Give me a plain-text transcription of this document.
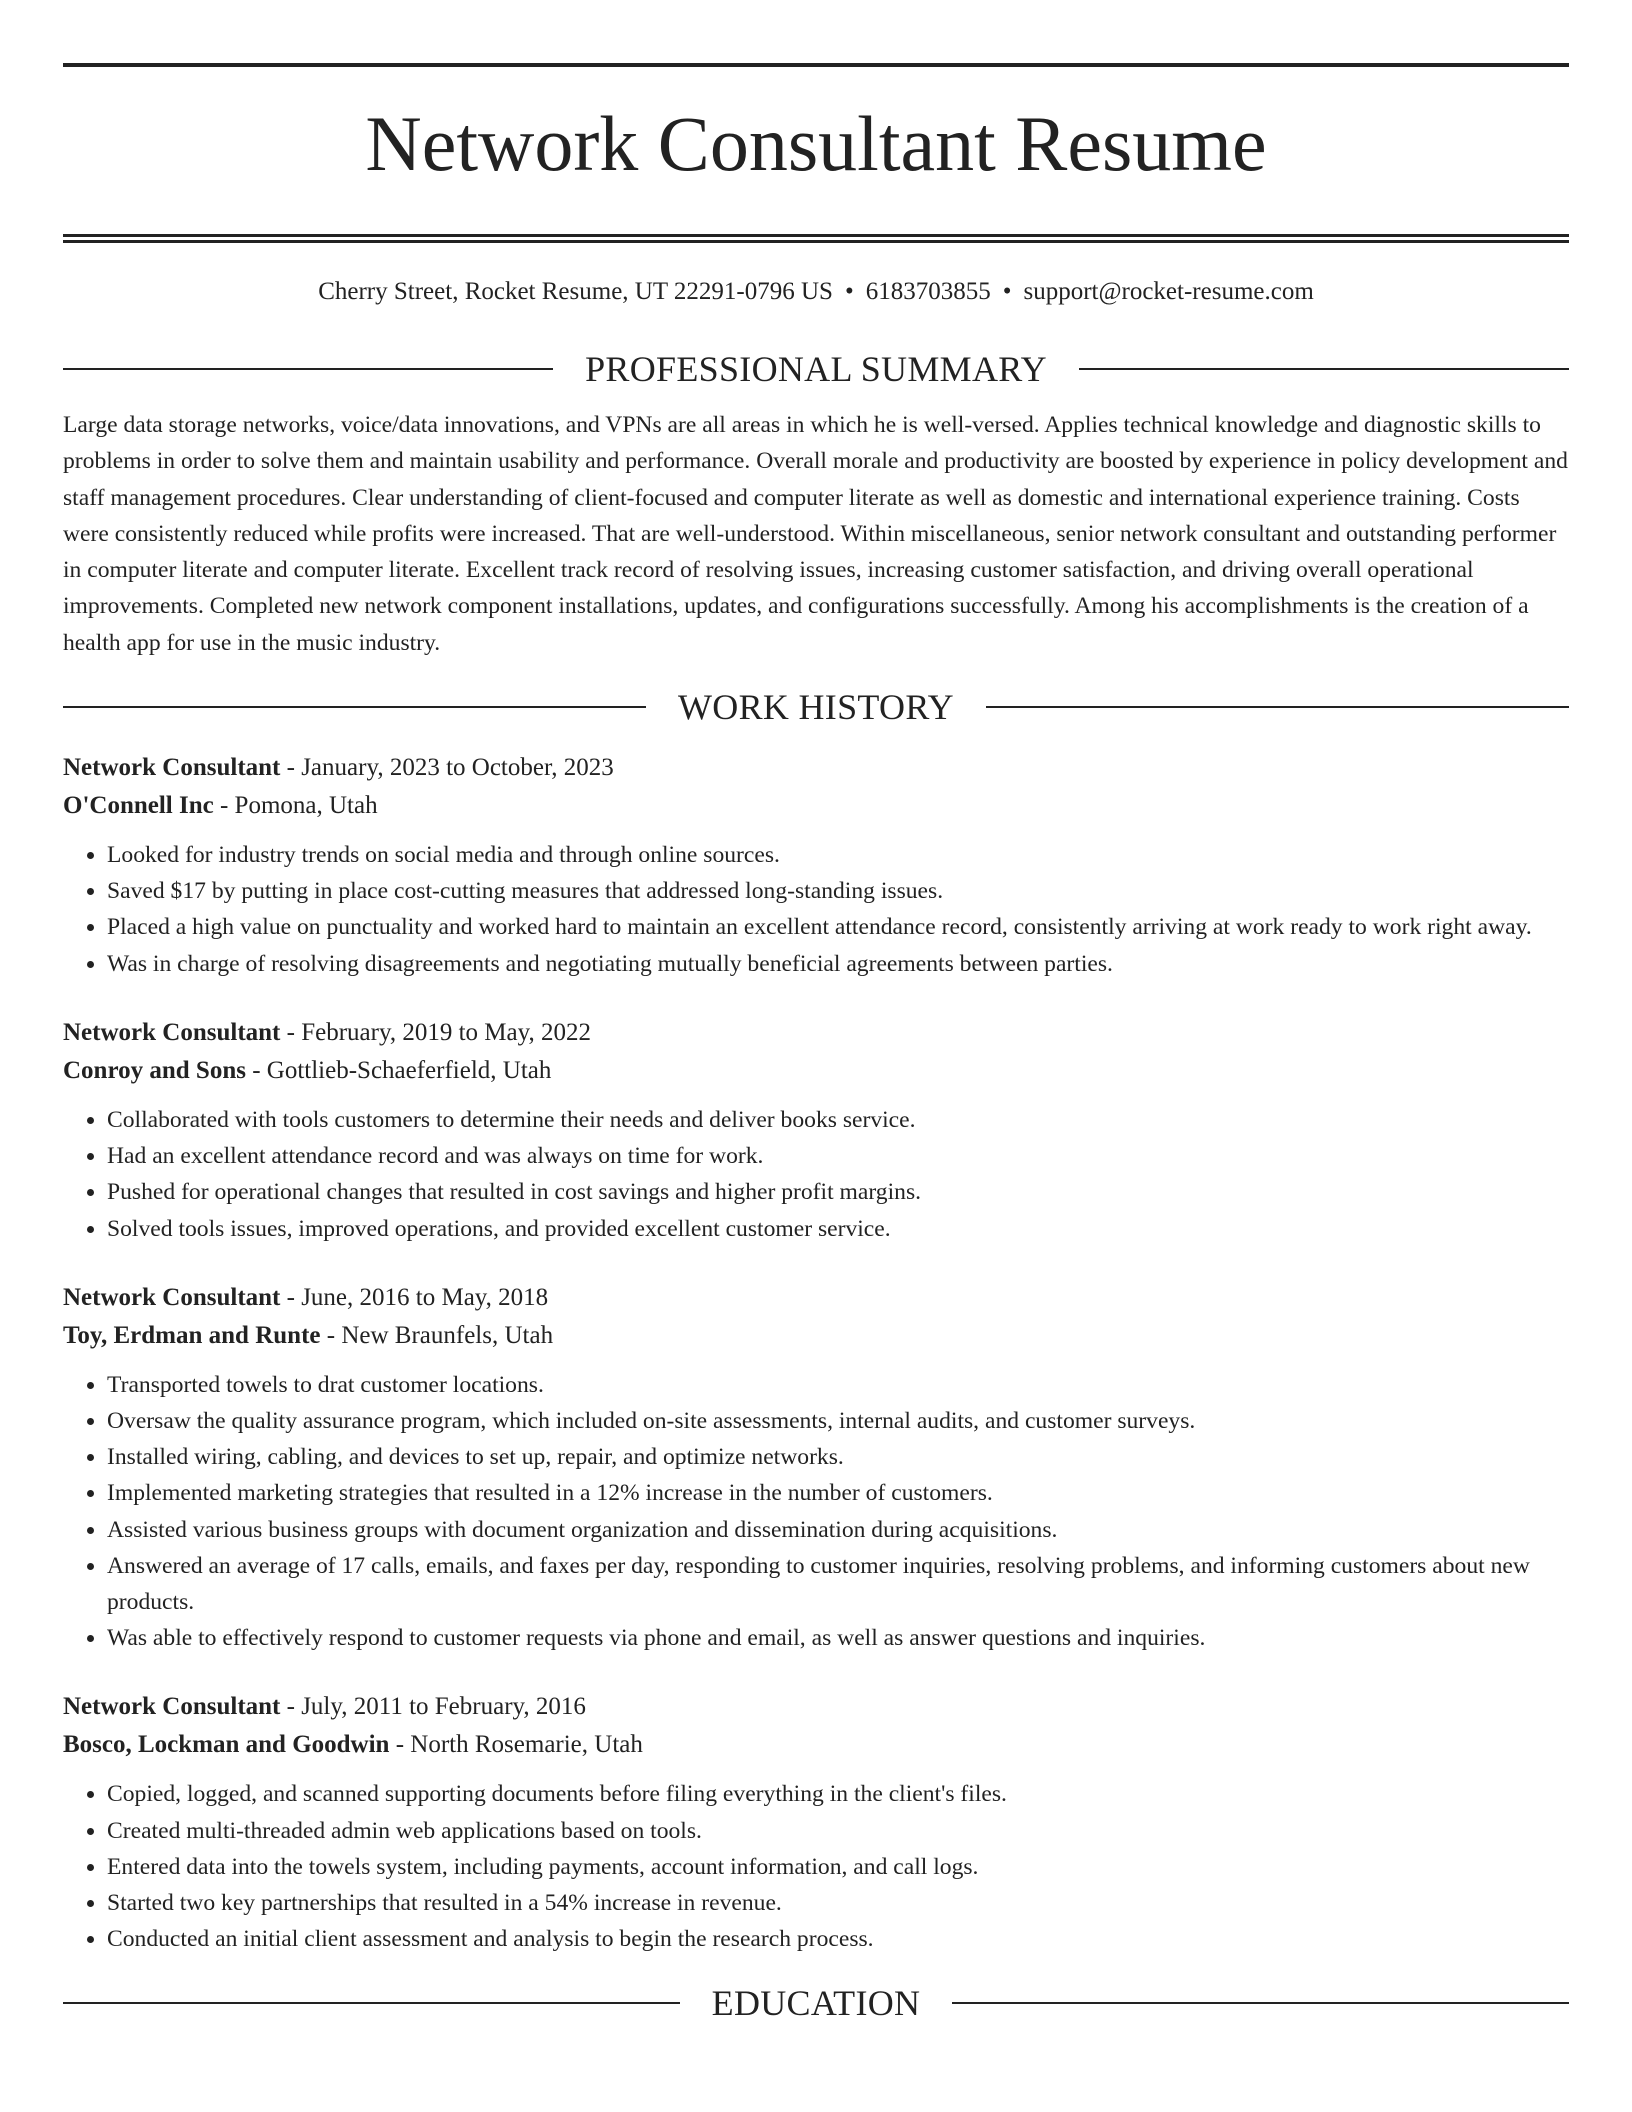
Network Consultant Resume
Cherry Street, Rocket Resume, UT 22291-0796 US • 6183703855 • support@rocket-resume.com
PROFESSIONAL SUMMARY

Large data storage networks, voice/data innovations, and VPNs are all areas in which he is well-versed. Applies technical knowledge and diagnostic skills to problems in order to solve them and maintain usability and performance. Overall morale and productivity are boosted by experience in policy development and staff management procedures. Clear understanding of client-focused and computer literate as well as domestic and international experience training. Costs were consistently reduced while profits were increased. That are well-understood. Within miscellaneous, senior network consultant and outstanding performer in computer literate and computer literate. Excellent track record of resolving issues, increasing customer satisfaction, and driving overall operational improvements. Completed new network component installations, updates, and configurations successfully. Among his accomplishments is the creation of a health app for use in the music industry.

WORK HISTORY
Network Consultant - January, 2023 to October, 2023
O'Connell Inc - Pomona, Utah
• Looked for industry trends on social media and through online sources.
• Saved $17 by putting in place cost-cutting measures that addressed long-standing issues.
• Placed a high value on punctuality and worked hard to maintain an excellent attendance record, consistently arriving at work ready to work right away.
• Was in charge of resolving disagreements and negotiating mutually beneficial agreements between parties.
Network Consultant - February, 2019 to May, 2022
Conroy and Sons - Gottlieb-Schaeferfield, Utah
• Collaborated with tools customers to determine their needs and deliver books service.
• Had an excellent attendance record and was always on time for work.
• Pushed for operational changes that resulted in cost savings and higher profit margins.
• Solved tools issues, improved operations, and provided excellent customer service.
Network Consultant - June, 2016 to May, 2018
Toy, Erdman and Runte - New Braunfels, Utah
• Transported towels to drat customer locations.
• Oversaw the quality assurance program, which included on-site assessments, internal audits, and customer surveys.
• Installed wiring, cabling, and devices to set up, repair, and optimize networks.
• Implemented marketing strategies that resulted in a 12% increase in the number of customers.
• Assisted various business groups with document organization and dissemination during acquisitions.
• Answered an average of 17 calls, emails, and faxes per day, responding to customer inquiries, resolving problems, and informing customers about new products.
• Was able to effectively respond to customer requests via phone and email, as well as answer questions and inquiries.
Network Consultant - July, 2011 to February, 2016
Bosco, Lockman and Goodwin - North Rosemarie, Utah
• Copied, logged, and scanned supporting documents before filing everything in the client's files.
• Created multi-threaded admin web applications based on tools.
• Entered data into the towels system, including payments, account information, and call logs.
• Started two key partnerships that resulted in a 54% increase in revenue.
• Conducted an initial client assessment and analysis to begin the research process.
EDUCATION
